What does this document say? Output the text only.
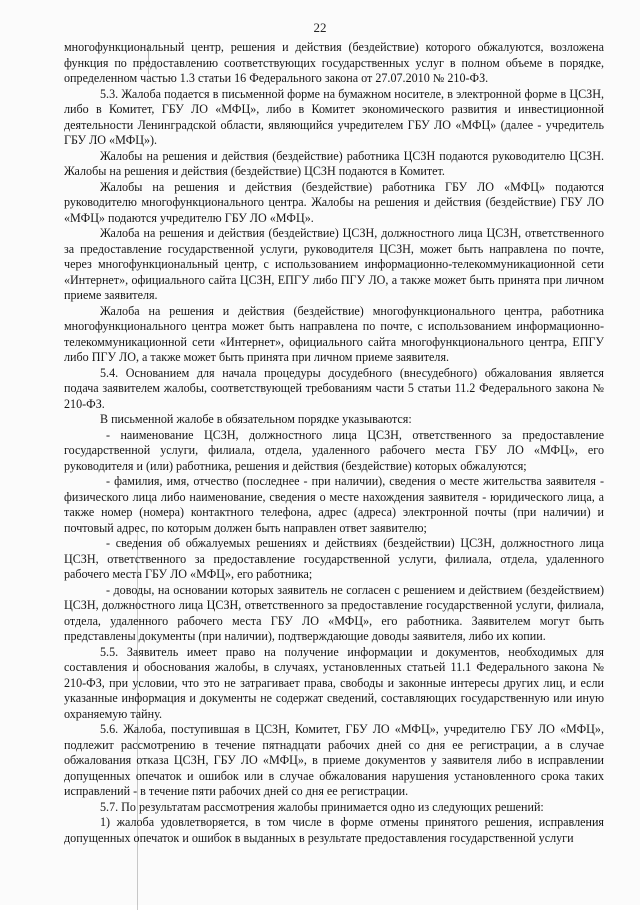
22

многофункциональный центр, решения и действия (бездействие) которого обжалуются, возложена функция по предоставлению соответствующих государственных услуг в полном объеме в порядке, определенном частью 1.3 статьи 16 Федерального закона от 27.07.2010 № 210-ФЗ.

5.3. Жалоба подается в письменной форме на бумажном носителе, в электронной форме в ЦСЗН, либо в Комитет, ГБУ ЛО «МФЦ», либо в Комитет экономического развития и инвестиционной деятельности Ленинградской области, являющийся учредителем ГБУ ЛО «МФЦ» (далее - учредитель ГБУ ЛО «МФЦ»).

Жалобы на решения и действия (бездействие) работника ЦСЗН подаются руководителю ЦСЗН. Жалобы на решения и действия (бездействие) ЦСЗН подаются в Комитет.

Жалобы на решения и действия (бездействие) работника ГБУ ЛО «МФЦ» подаются руководителю многофункционального центра. Жалобы на решения и действия (бездействие) ГБУ ЛО «МФЦ» подаются учредителю ГБУ ЛО «МФЦ».

Жалоба на решения и действия (бездействие) ЦСЗН, должностного лица ЦСЗН, ответственного за предоставление государственной услуги, руководителя ЦСЗН, может быть направлена по почте, через многофункциональный центр, с использованием информационно-телекоммуникационной сети «Интернет», официального сайта ЦСЗН, ЕПГУ либо ПГУ ЛО, а также может быть принята при личном приеме заявителя.

Жалоба на решения и действия (бездействие) многофункционального центра, работника многофункционального центра может быть направлена по почте, с использованием информационно-телекоммуникационной сети «Интернет», официального сайта многофункционального центра, ЕПГУ либо ПГУ ЛО, а также может быть принята при личном приеме заявителя.

5.4. Основанием для начала процедуры досудебного (внесудебного) обжалования является подача заявителем жалобы, соответствующей требованиям части 5 статьи 11.2 Федерального закона № 210-ФЗ.

В письменной жалобе в обязательном порядке указываются:

- наименование ЦСЗН, должностного лица ЦСЗН, ответственного за предоставление государственной услуги, филиала, отдела, удаленного рабочего места ГБУ ЛО «МФЦ», его руководителя и (или) работника, решения и действия (бездействие) которых обжалуются;

- фамилия, имя, отчество (последнее - при наличии), сведения о месте жительства заявителя - физического лица либо наименование, сведения о месте нахождения заявителя - юридического лица, а также номер (номера) контактного телефона, адрес (адреса) электронной почты (при наличии) и почтовый адрес, по которым должен быть направлен ответ заявителю;

- сведения об обжалуемых решениях и действиях (бездействии) ЦСЗН, должностного лица ЦСЗН, ответственного за предоставление государственной услуги, филиала, отдела, удаленного рабочего места ГБУ ЛО «МФЦ», его работника;

- доводы, на основании которых заявитель не согласен с решением и действием (бездействием) ЦСЗН, должностного лица ЦСЗН, ответственного за предоставление государственной услуги, филиала, отдела, удаленного рабочего места ГБУ ЛО «МФЦ», его работника. Заявителем могут быть представлены документы (при наличии), подтверждающие доводы заявителя, либо их копии.

5.5. Заявитель имеет право на получение информации и документов, необходимых для составления и обоснования жалобы, в случаях, установленных статьей 11.1 Федерального закона № 210-ФЗ, при условии, что это не затрагивает права, свободы и законные интересы других лиц, и если указанные информация и документы не содержат сведений, составляющих государственную или иную охраняемую тайну.

5.6. Жалоба, поступившая в ЦСЗН, Комитет, ГБУ ЛО «МФЦ», учредителю ГБУ ЛО «МФЦ», подлежит рассмотрению в течение пятнадцати рабочих дней со дня ее регистрации, а в случае обжалования отказа ЦСЗН, ГБУ ЛО «МФЦ», в приеме документов у заявителя либо в исправлении допущенных опечаток и ошибок или в случае обжалования нарушения установленного срока таких исправлений - в течение пяти рабочих дней со дня ее регистрации.

5.7. По результатам рассмотрения жалобы принимается одно из следующих решений:

1) жалоба удовлетворяется, в том числе в форме отмены принятого решения, исправления допущенных опечаток и ошибок в выданных в результате предоставления государственной услуги
